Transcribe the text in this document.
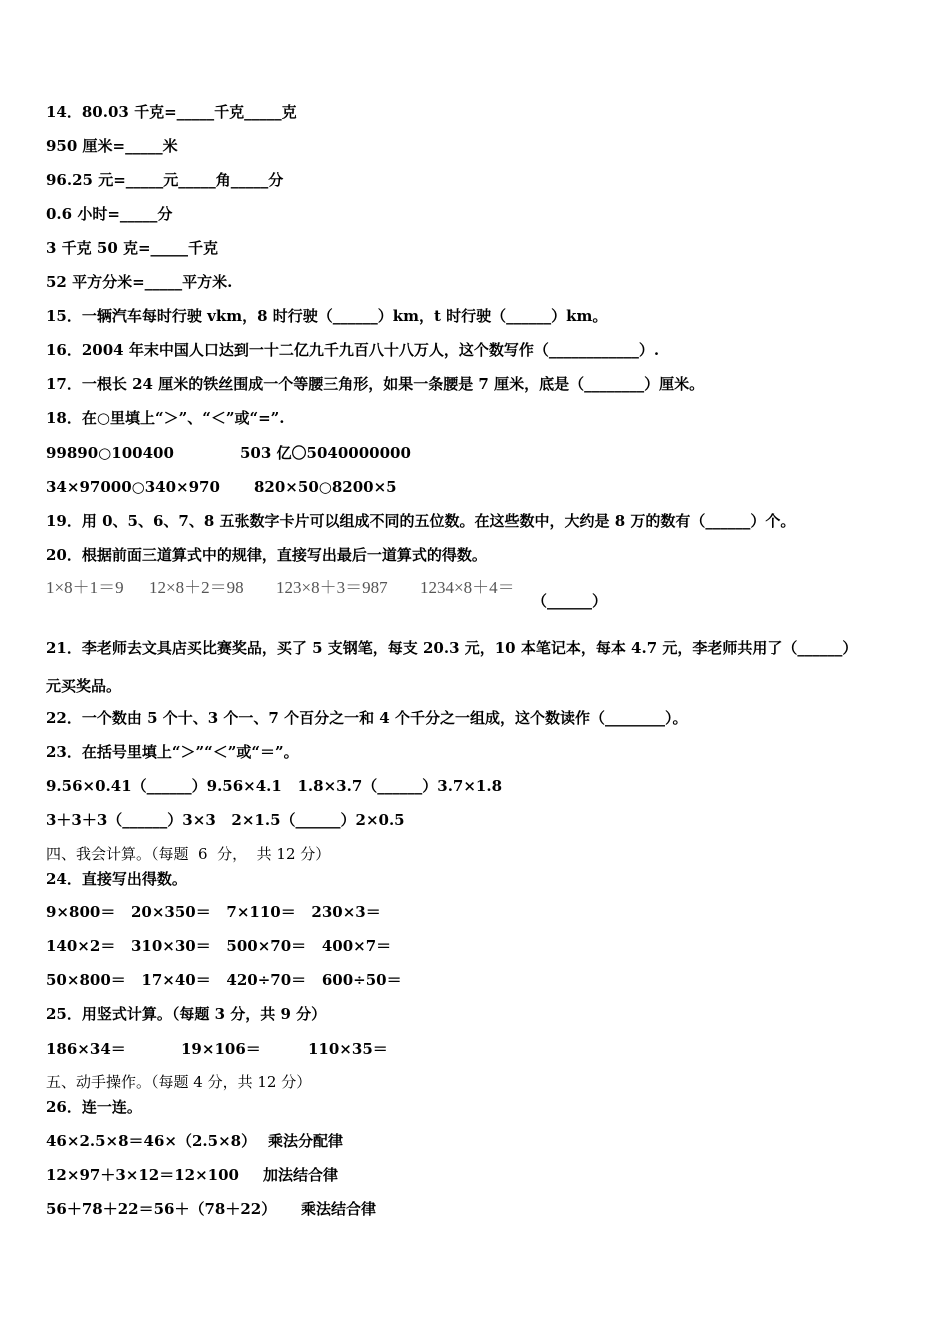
14．80.03 千克=_____千克_____克
950 厘米=_____米
96.25 元=_____元_____角_____分
0.6 小时=_____分
3 千克 50 克=_____千克
52 平方分米=_____平方米.
15．一辆汽车每时行驶 vkm，8 时行驶（______）km，t 时行驶（______）km。
16．2004 年末中国人口达到一十二亿九千九百八十八万人，这个数写作（____________）.
17．一根长 24 厘米的铁丝围成一个等腰三角形，如果一条腰是 7 厘米，底是（________）厘米。
18．在○里填上“＞”、“＜”或“=”.
99890○100400	503 亿〇5040000000
34×97000○340×970 820×50○8200×5
19．用 0、5、6、7、8 五张数字卡片可以组成不同的五位数。在这些数中，大约是 8 万的数有（______）个。
20．根据前面三道算式中的规律，直接写出最后一道算式的得数。
1×8＋1＝9 12×8＋2＝98 123×8＋3＝987 1234×8＋4＝
（______）
21．李老师去文具店买比赛奖品，买了 5 支钢笔，每支 20.3 元，10 本笔记本，每本 4.7 元，李老师共用了（______）
元买奖品。
22．一个数由 5 个十、3 个一、7 个百分之一和 4 个千分之一组成，这个数读作（________）。
23．在括号里填上“＞”“＜”或“＝”。
9.56×0.41（______）9.56×4.1   1.8×3.7（______）3.7×1.8
3＋3＋3（______）3×3   2×1.5（______）2×0.5
四、我会计算。（每题  6  分，  共 12 分）
24．直接写出得数。
9×800＝   20×350＝   7×110＝   230×3＝
140×2＝   310×30＝   500×70＝   400×7＝
50×800＝   17×40＝   420÷70＝   600÷50＝
25．用竖式计算。（每题 3 分，共 9 分）
186×34＝	19×106＝	110×35＝
五、动手操作。（每题 4 分，共 12 分）
26．连一连。
46×2.5×8＝46×（2.5×8） 乘法分配律
12×97＋3×12＝12×100 加法结合律
56＋78＋22＝56＋（78＋22） 乘法结合律
